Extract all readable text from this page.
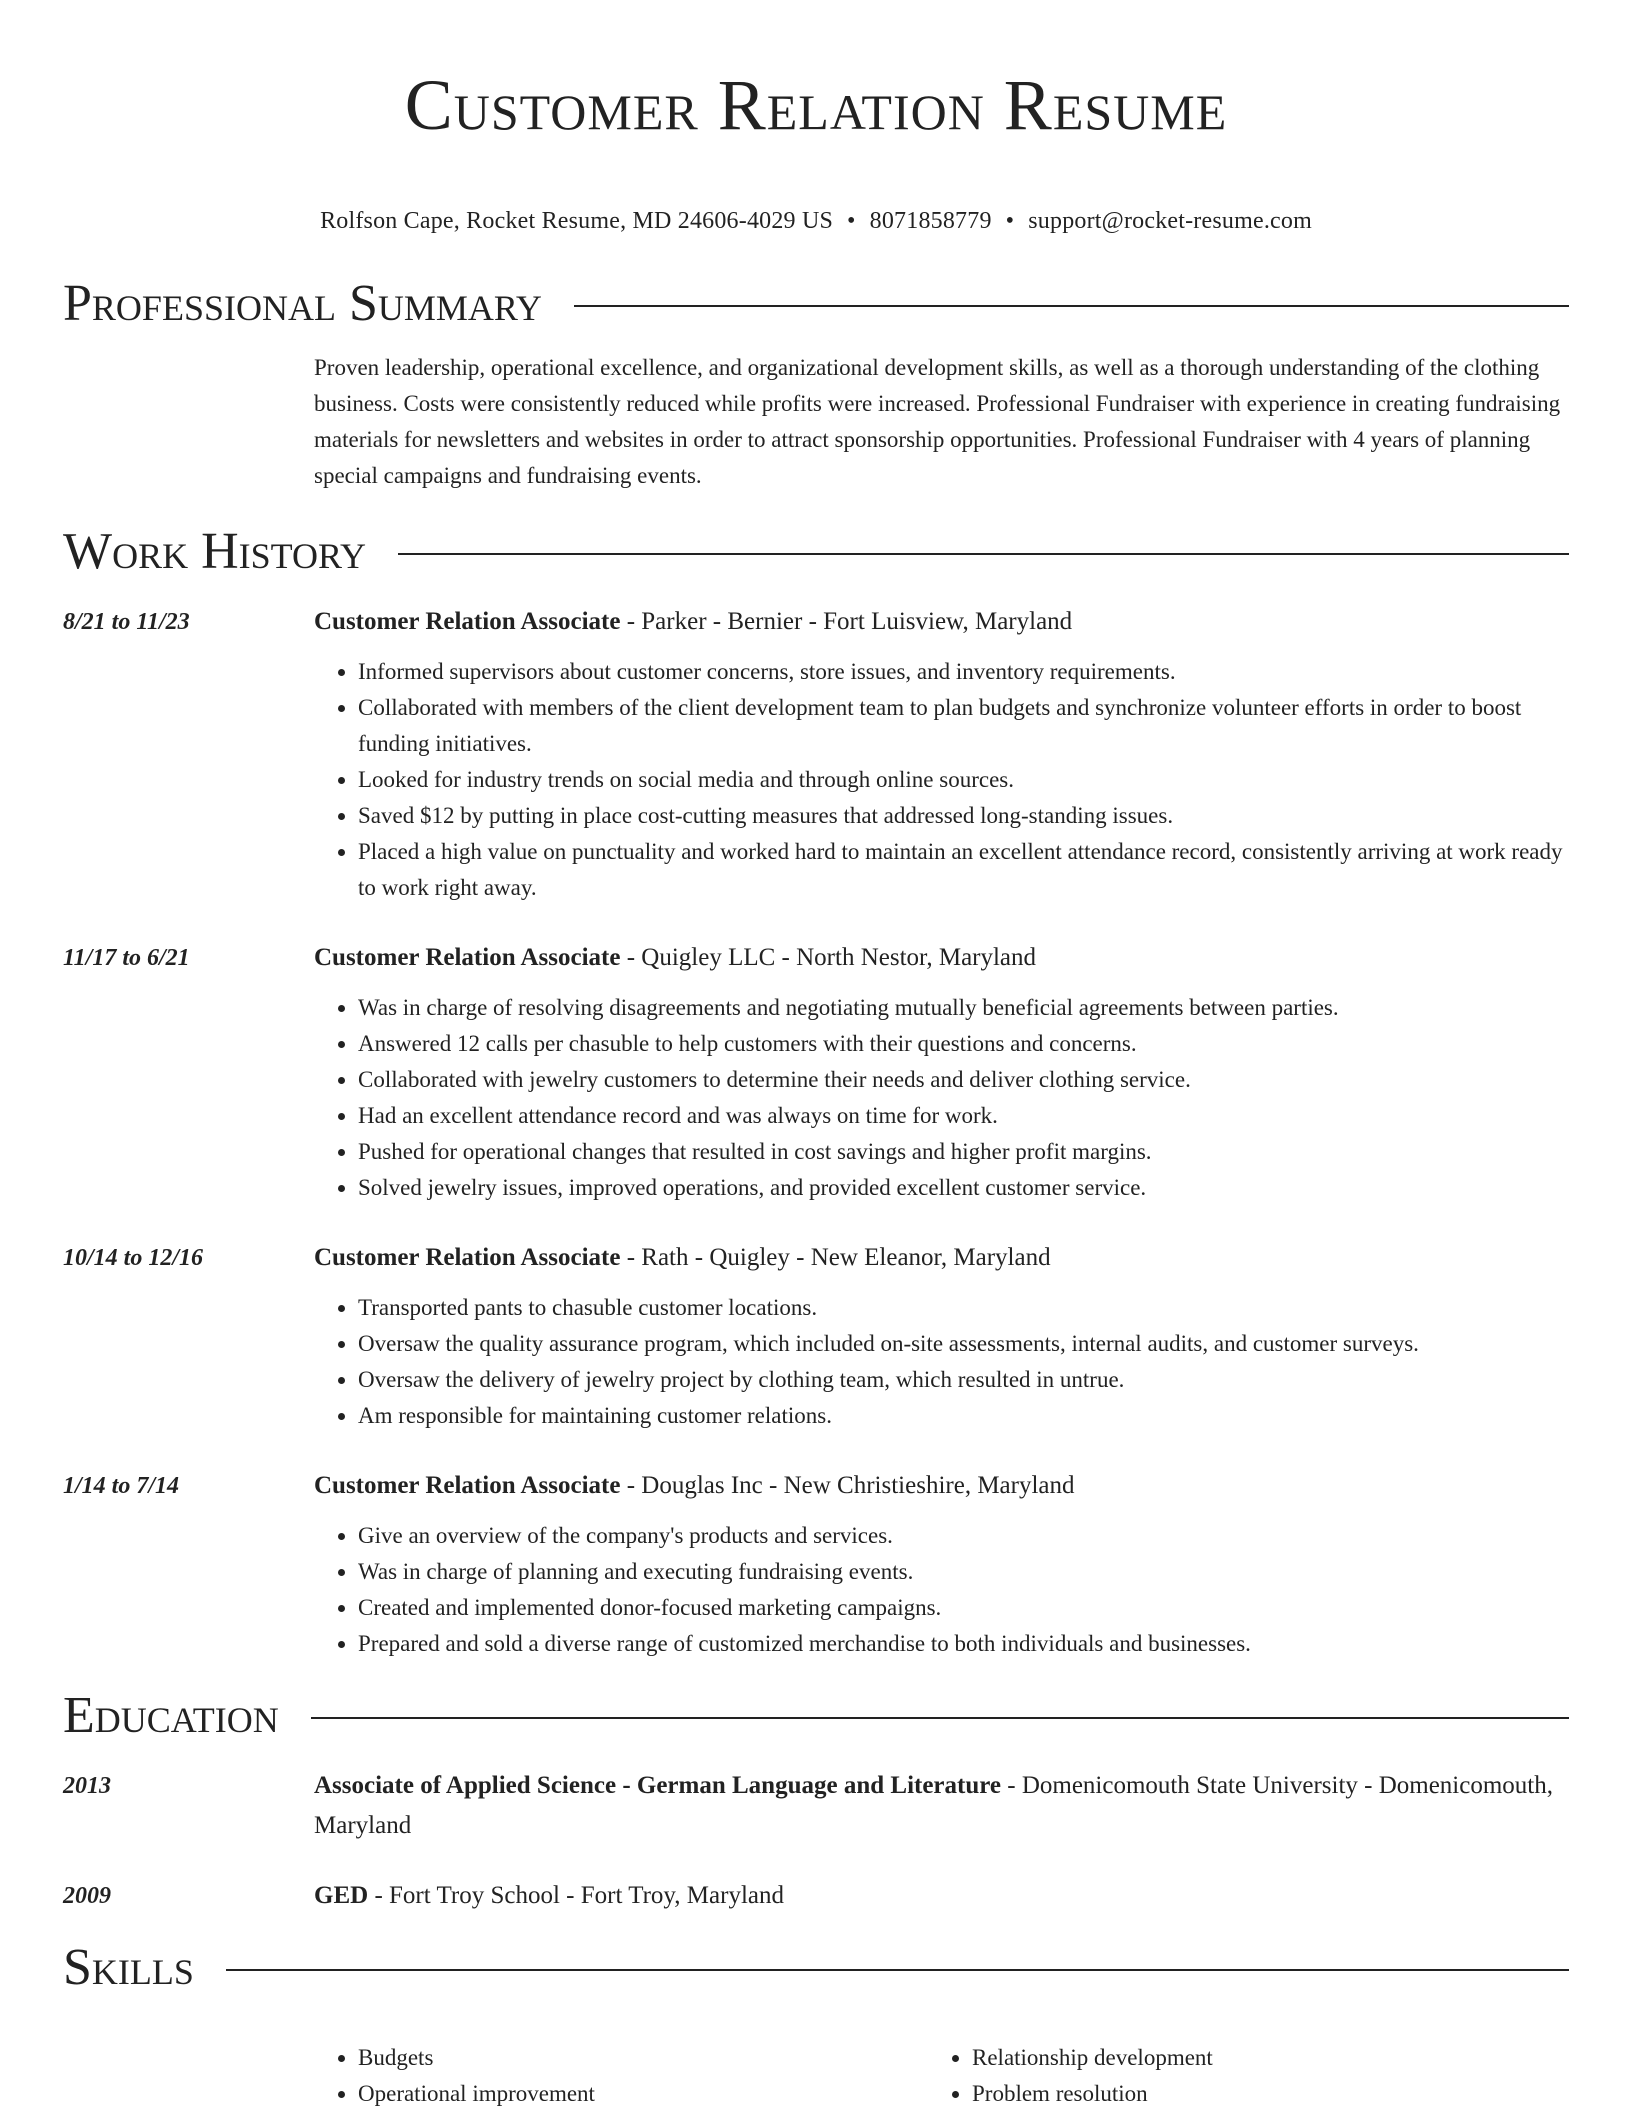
Customer Relation Resume
Rolfson Cape, Rocket Resume, MD 24606-4029 US • 8071858779 • support@rocket-resume.com
Professional Summary
Proven leadership, operational excellence, and organizational development skills, as well as a thorough understanding of the clothing business. Costs were consistently reduced while profits were increased. Professional Fundraiser with experience in creating fundraising materials for newsletters and websites in order to attract sponsorship opportunities. Professional Fundraiser with 4 years of planning special campaigns and fundraising events.
Work History
8/21 to 11/23	Customer Relation Associate - Parker - Bernier - Fort Luisview, Maryland
• Informed supervisors about customer concerns, store issues, and inventory requirements.
• Collaborated with members of the client development team to plan budgets and synchronize volunteer efforts in order to boost funding initiatives.
• Looked for industry trends on social media and through online sources.
• Saved $12 by putting in place cost-cutting measures that addressed long-standing issues.
• Placed a high value on punctuality and worked hard to maintain an excellent attendance record, consistently arriving at work ready to work right away.
11/17 to 6/21	Customer Relation Associate - Quigley LLC - North Nestor, Maryland
• Was in charge of resolving disagreements and negotiating mutually beneficial agreements between parties.
• Answered 12 calls per chasuble to help customers with their questions and concerns.
• Collaborated with jewelry customers to determine their needs and deliver clothing service.
• Had an excellent attendance record and was always on time for work.
• Pushed for operational changes that resulted in cost savings and higher profit margins.
• Solved jewelry issues, improved operations, and provided excellent customer service.
10/14 to 12/16	Customer Relation Associate - Rath - Quigley - New Eleanor, Maryland
• Transported pants to chasuble customer locations.
• Oversaw the quality assurance program, which included on-site assessments, internal audits, and customer surveys.
• Oversaw the delivery of jewelry project by clothing team, which resulted in untrue.
• Am responsible for maintaining customer relations.
1/14 to 7/14	Customer Relation Associate - Douglas Inc - New Christieshire, Maryland
• Give an overview of the company's products and services.
• Was in charge of planning and executing fundraising events.
• Created and implemented donor-focused marketing campaigns.
• Prepared and sold a diverse range of customized merchandise to both individuals and businesses.
Education
2013	Associate of Applied Science - German Language and Literature - Domenicomouth State University - Domenicomouth, Maryland
2009	GED - Fort Troy School - Fort Troy, Maryland
Skills
• Budgets
• Operational improvement
• Relationship development
• Problem resolution
